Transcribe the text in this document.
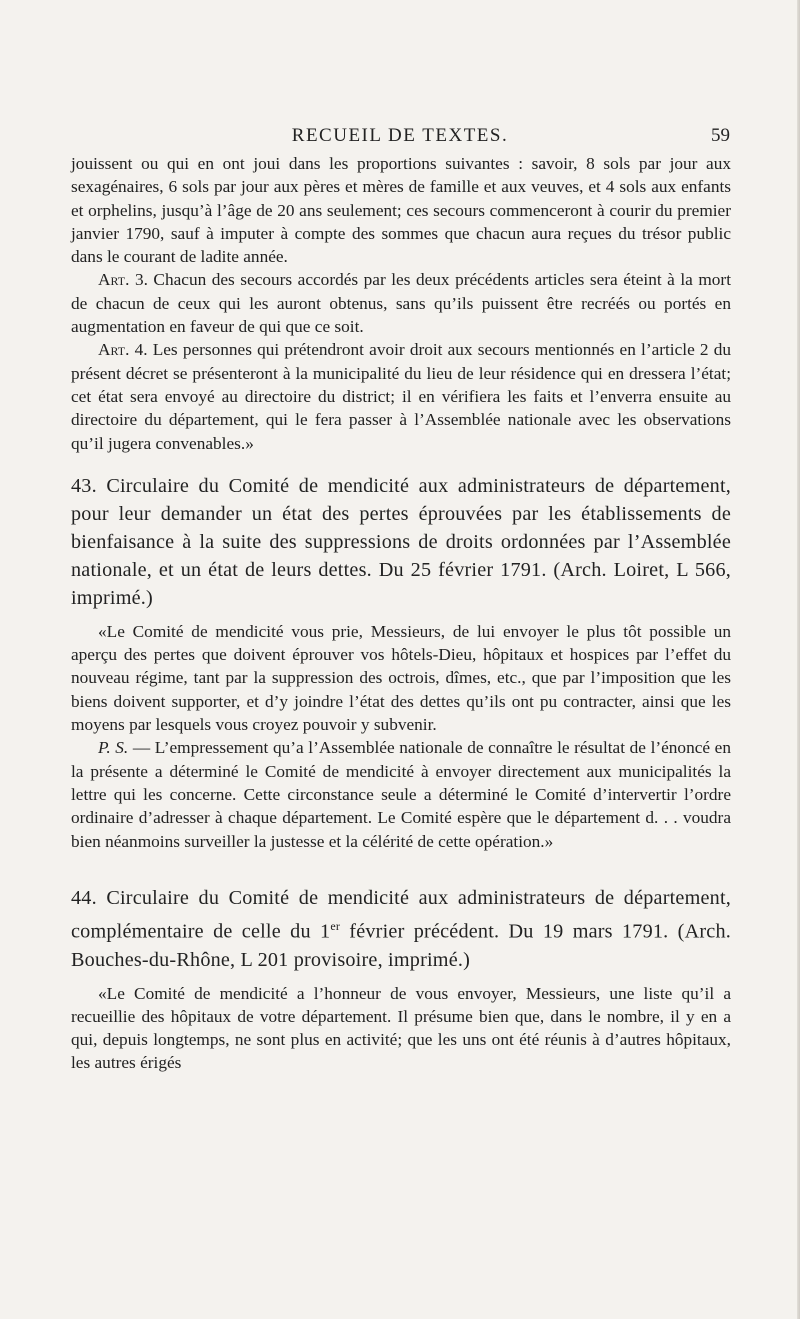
RECUEIL DE TEXTES.	59

jouissent ou qui en ont joui dans les proportions suivantes : savoir, 8 sols par jour aux sexagénaires, 6 sols par jour aux pères et mères de famille et aux veuves, et 4 sols aux enfants et orphelins, jusqu’à l’âge de 20 ans seulement; ces secours commenceront à courir du premier janvier 1790, sauf à imputer à compte des sommes que chacun aura reçues du trésor public dans le courant de ladite année.

Art. 3. Chacun des secours accordés par les deux précédents articles sera éteint à la mort de chacun de ceux qui les auront obtenus, sans qu’ils puissent être recréés ou portés en augmentation en faveur de qui que ce soit.

Art. 4. Les personnes qui prétendront avoir droit aux secours mentionnés en l’article 2 du présent décret se présenteront à la municipalité du lieu de leur résidence qui en dressera l’état; cet état sera envoyé au directoire du district; il en vérifiera les faits et l’enverra ensuite au directoire du département, qui le fera passer à l’Assemblée nationale avec les observations qu’il jugera convenables.»

43. Circulaire du Comité de mendicité aux administrateurs de département, pour leur demander un état des pertes éprouvées par les établissements de bienfaisance à la suite des suppressions de droits ordonnées par l’Assemblée nationale, et un état de leurs dettes. Du 25 février 1791. (Arch. Loiret, L 566, imprimé.)

«Le Comité de mendicité vous prie, Messieurs, de lui envoyer le plus tôt possible un aperçu des pertes que doivent éprouver vos hôtels-Dieu, hôpitaux et hospices par l’effet du nouveau régime, tant par la suppression des octrois, dîmes, etc., que par l’imposition que les biens doivent supporter, et d’y joindre l’état des dettes qu’ils ont pu contracter, ainsi que les moyens par lesquels vous croyez pouvoir y subvenir.

P. S. — L’empressement qu’a l’Assemblée nationale de connaître le résultat de l’énoncé en la présente a déterminé le Comité de mendicité à envoyer directement aux municipalités la lettre qui les concerne. Cette circonstance seule a déterminé le Comité d’intervertir l’ordre ordinaire d’adresser à chaque département. Le Comité espère que le département d. . . voudra bien néanmoins surveiller la justesse et la célérité de cette opération.»

44. Circulaire du Comité de mendicité aux administrateurs de département, complémentaire de celle du 1er février précédent. Du 19 mars 1791. (Arch. Bouches-du-Rhône, L 201 provisoire, imprimé.)

«Le Comité de mendicité a l’honneur de vous envoyer, Messieurs, une liste qu’il a recueillie des hôpitaux de votre département. Il présume bien que, dans le nombre, il y en a qui, depuis longtemps, ne sont plus en activité; que les uns ont été réunis à d’autres hôpitaux, les autres érigés
